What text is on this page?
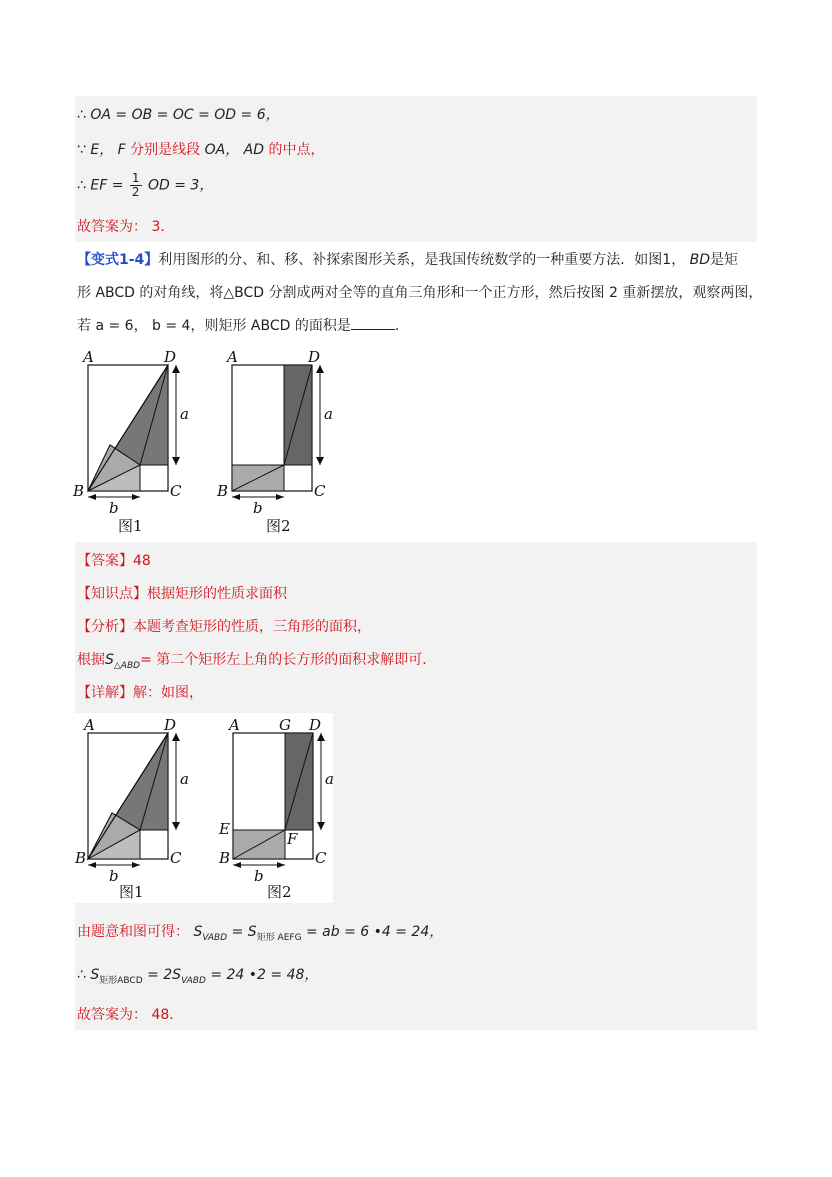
∴ OA = OB = OC = OD = 6，
∵ E， F 分别是线段 OA， AD 的中点，
∴ EF = $\frac{1}{2}$ OD = 3，
故答案为： 3．
【变式1-4】利用图形的分、和、移、补探索图形关系，是我国传统数学的一种重要方法．如图1， BD是矩
形 ABCD 的对角线，将△BCD 分割成两对全等的直角三角形和一个正方形，然后按图 2 重新摆放，观察两图，
若 a = 6， b = 4，则矩形 ABCD 的面积是	．
A	D
B	C
a
b
图1
A	D
B	C
a
b
图2
【答案】48
【知识点】根据矩形的性质求面积
【分析】本题考查矩形的性质，三角形的面积，
根据$S_{\triangle ABD}=$ 第二个矩形左上角的长方形的面积求解即可．
【详解】解：如图，
A	D
B	C
a
b
图1
A	G D
E
F
B	C
a
b
图2
由题意和图可得： $S_{VABD} = S_{矩形 AEFG}$ = ab = 6 •4 = 24，
∴ $S_{矩形ABCD} = 2S_{VABD} = 24$ •2 = 48，
故答案为： 48．
